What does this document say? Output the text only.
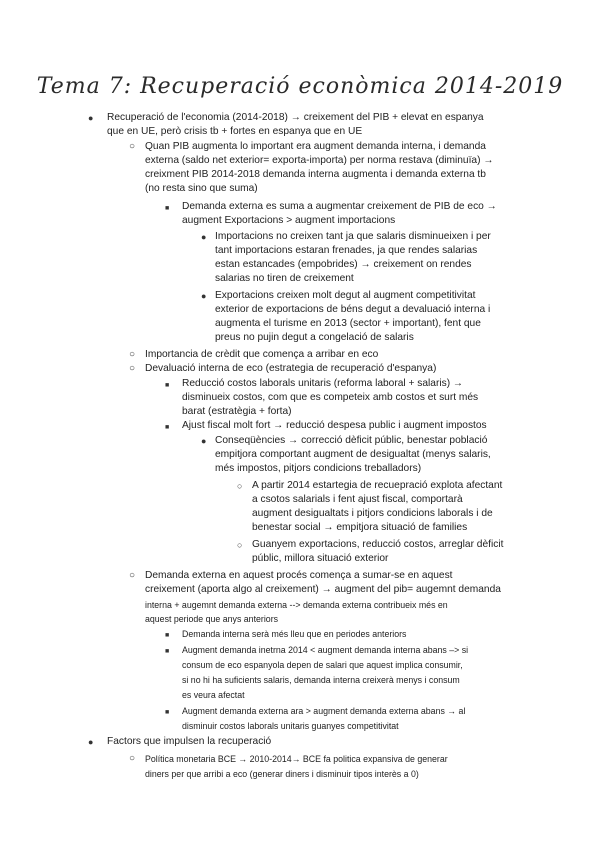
Tema 7: Recuperació econòmica 2014-2019
● Recuperació de l'economia (2014-2018) → creixement del PIB + elevat en espanya
que en UE, però crisis tb + fortes en espanya que en UE
○ Quan PIB augmenta lo important era augment demanda interna, i demanda
externa (saldo net exterior= exporta-importa) per norma restava (diminuïa) →
creixment PIB 2014-2018 demanda interna augmenta i demanda externa tb
(no resta sino que suma)
■ Demanda externa es suma a augmentar creixement de PIB de eco →
augment Exportacions > augment importacions
● Importacions no creixen tant ja que salaris disminueixen i per
tant importacions estaran frenades, ja que rendes salarias
estan estancades (empobrides) → creixement on rendes
salarias no tiren de creixement
● Exportacions creixen molt degut al augment competitivitat
exterior de exportacions de béns degut a devaluació interna i
augmenta el turisme en 2013 (sector + important), fent que
preus no pujin degut a congelació de salaris
○ Importancia de crèdit que comença a arribar en eco
○ Devaluació interna de eco (estrategia de recuperació d'espanya)
■ Reducció costos laborals unitaris (reforma laboral + salaris) →
disminueix costos, com que es competeix amb costos et surt més
barat (estratègia + forta)
■ Ajust fiscal molt fort → reducció despesa public i augment impostos
● Conseqüències → correcció dèficit públic, benestar població
empitjora comportant augment de desigualtat (menys salaris,
més impostos, pitjors condicions treballadors)
○ A partir 2014 estartegia de recuepració explota afectant
a csotos salarials i fent ajust fiscal, comportarà
augment desigualtats i pitjors condicions laborals i de
benestar social → empitjora situació de families
○ Guanyem exportacions, reducció costos, arreglar dèficit
públic, millora situació exterior
○ Demanda externa en aquest procés comença a sumar-se en aquest
creixement (aporta algo al creixement) → augment del pib= augemnt demanda
interna + augemnt demanda externa --> demanda externa contribueix més en
aquest periode que anys anteriors
■ Demanda interna serà més lleu que en periodes anteriors
■ Augment demanda inetrna 2014 < augment demanda interna abans –> si
consum de eco espanyola depen de salari que aquest implica consumir,
si no hi ha suficients salaris, demanda interna creixerà menys i consum
es veura afectat
■ Augment demanda externa ara > augment demanda externa abans → al
disminuir costos laborals unitaris guanyes competitivitat
● Factors que impulsen la recuperació
○ Política monetaria BCE → 2010-2014→ BCE fa politica expansiva de generar
diners per que arribi a eco (generar diners i disminuir tipos interès a 0)
